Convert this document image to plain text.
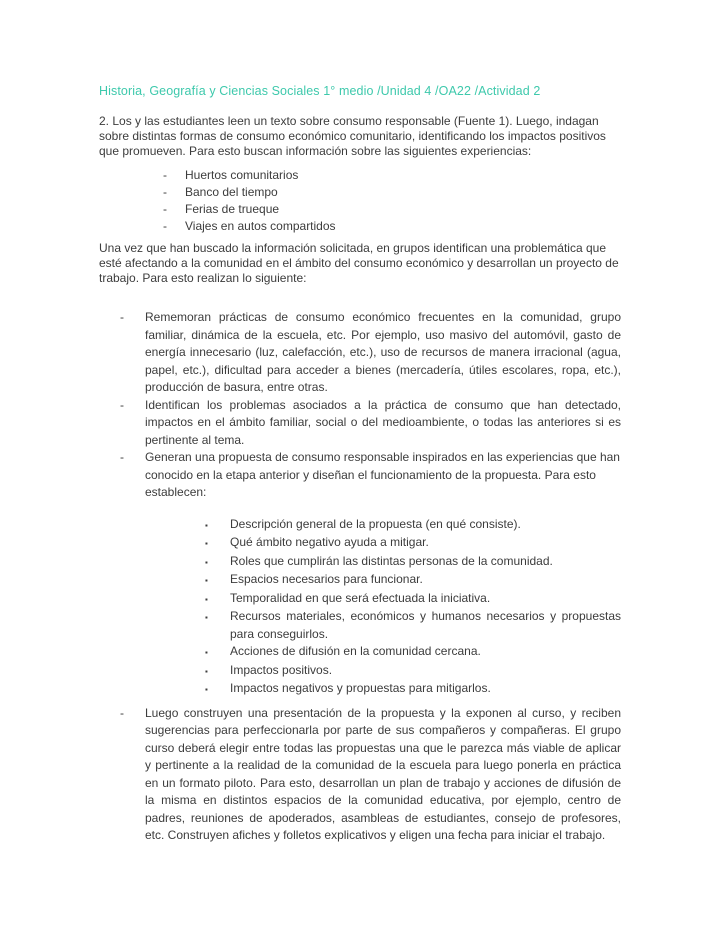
Historia, Geografía y Ciencias Sociales 1° medio /Unidad 4 /OA22 /Actividad 2

2. Los y las estudiantes leen un texto sobre consumo responsable (Fuente 1). Luego, indagan sobre distintas formas de consumo económico comunitario, identificando los impactos positivos que promueven. Para esto buscan información sobre las siguientes experiencias:

-	Huertos comunitarios
-	Banco del tiempo
-	Ferias de trueque
-	Viajes en autos compartidos

Una vez que han buscado la información solicitada, en grupos identifican una problemática que esté afectando a la comunidad en el ámbito del consumo económico y desarrollan un proyecto de trabajo. Para esto realizan lo siguiente:

-	Rememoran prácticas de consumo económico frecuentes en la comunidad, grupo familiar, dinámica de la escuela, etc. Por ejemplo, uso masivo del automóvil, gasto de energía innecesario (luz, calefacción, etc.), uso de recursos de manera irracional (agua, papel, etc.), dificultad para acceder a bienes (mercadería, útiles escolares, ropa, etc.), producción de basura, entre otras.

-	Identifican los problemas asociados a la práctica de consumo que han detectado, impactos en el ámbito familiar, social o del medioambiente, o todas las anteriores si es pertinente al tema.

-	Generan una propuesta de consumo responsable inspirados en las experiencias que han conocido en la etapa anterior y diseñan el funcionamiento de la propuesta. Para esto establecen:

▪	Descripción general de la propuesta (en qué consiste).
▪	Qué ámbito negativo ayuda a mitigar.
▪	Roles que cumplirán las distintas personas de la comunidad.
▪	Espacios necesarios para funcionar.
▪	Temporalidad en que será efectuada la iniciativa.
▪	Recursos materiales, económicos y humanos necesarios y propuestas para conseguirlos.
▪	Acciones de difusión en la comunidad cercana.
▪	Impactos positivos.
▪	Impactos negativos y propuestas para mitigarlos.
-	Luego construyen una presentación de la propuesta y la exponen al curso, y reciben sugerencias para perfeccionarla por parte de sus compañeros y compañeras. El grupo curso deberá elegir entre todas las propuestas una que le parezca más viable de aplicar y pertinente a la realidad de la comunidad de la escuela para luego ponerla en práctica en un formato piloto. Para esto, desarrollan un plan de trabajo y acciones de difusión de la misma en distintos espacios de la comunidad educativa, por ejemplo, centro de padres, reuniones de apoderados, asambleas de estudiantes, consejo de profesores, etc. Construyen afiches y folletos explicativos y eligen una fecha para iniciar el trabajo.
